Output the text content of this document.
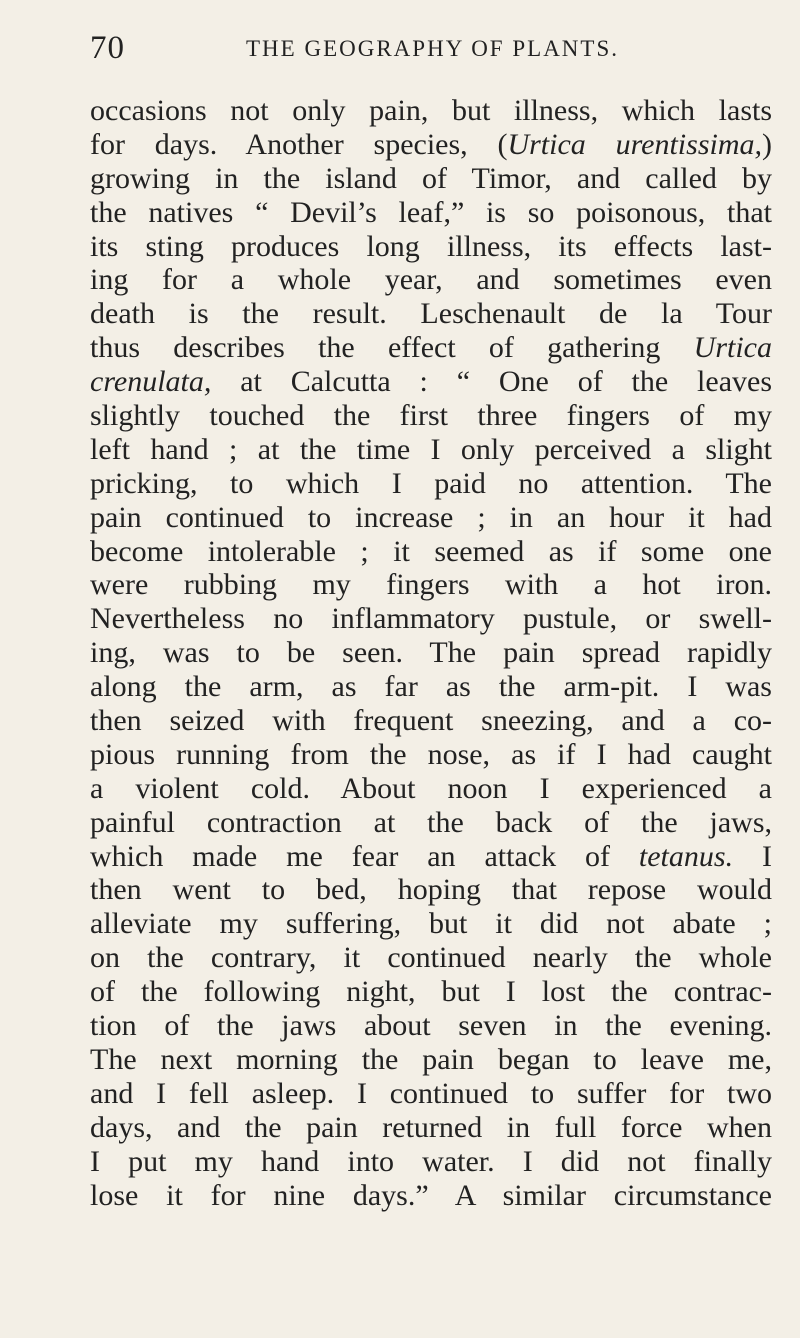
70	THE GEOGRAPHY OF PLANTS.
occasions not only pain, but illness, which lasts
for days. Another species, (Urtica urentissima,)
growing in the island of Timor, and called by
the natives “ Devil’s leaf,” is so poisonous, that
its sting produces long illness, its effects last-
ing for a whole year, and sometimes even
death is the result. Leschenault de la Tour
thus describes the effect of gathering Urtica
crenulata, at Calcutta : “ One of the leaves
slightly touched the first three fingers of my
left hand ; at the time I only perceived a slight
pricking, to which I paid no attention. The
pain continued to increase ; in an hour it had
become intolerable ; it seemed as if some one
were rubbing my fingers with a hot iron.
Nevertheless no inflammatory pustule, or swell-
ing, was to be seen. The pain spread rapidly
along the arm, as far as the arm-pit. I was
then seized with frequent sneezing, and a co-
pious running from the nose, as if I had caught
a violent cold. About noon I experienced a
painful contraction at the back of the jaws,
which made me fear an attack of tetanus. I
then went to bed, hoping that repose would
alleviate my suffering, but it did not abate ;
on the contrary, it continued nearly the whole
of the following night, but I lost the contrac-
tion of the jaws about seven in the evening.
The next morning the pain began to leave me,
and I fell asleep. I continued to suffer for two
days, and the pain returned in full force when
I put my hand into water. I did not finally
lose it for nine days.” A similar circumstance
